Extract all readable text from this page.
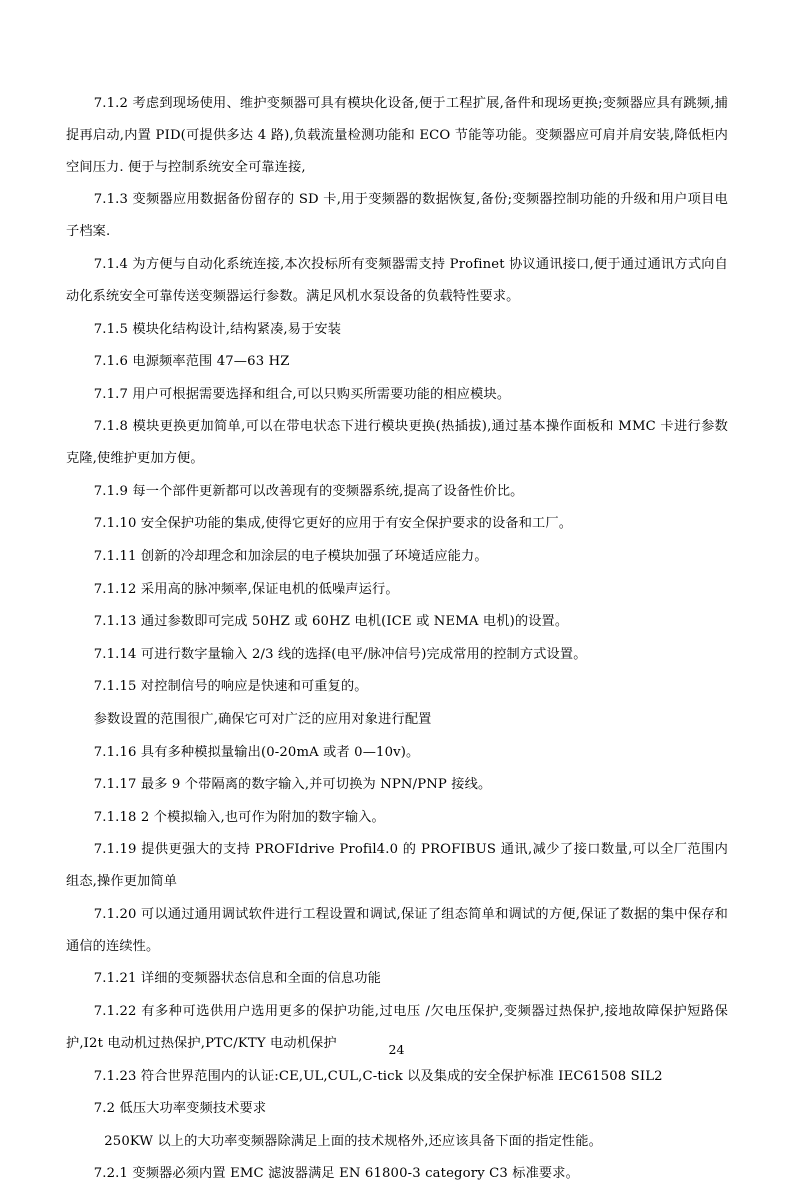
7.1.2 考虑到现场使用、维护变频器可具有模块化设备,便于工程扩展,备件和现场更换;变频器应具有跳频,捕捉再启动,内置 PID(可提供多达 4 路),负载流量检测功能和 ECO 节能等功能。变频器应可肩并肩安装,降低柜内空间压力. 便于与控制系统安全可靠连接,

7.1.3 变频器应用数据备份留存的 SD 卡,用于变频器的数据恢复,备份;变频器控制功能的升级和用户项目电子档案.

7.1.4 为方便与自动化系统连接,本次投标所有变频器需支持 Profinet 协议通讯接口,便于通过通讯方式向自动化系统安全可靠传送变频器运行参数。满足风机水泵设备的负载特性要求。

7.1.5 模块化结构设计,结构紧凑,易于安装

7.1.6 电源频率范围 47—63 HZ

7.1.7 用户可根据需要选择和组合,可以只购买所需要功能的相应模块。

7.1.8 模块更换更加简单,可以在带电状态下进行模块更换(热插拔),通过基本操作面板和 MMC 卡进行参数克隆,使维护更加方便。

7.1.9 每一个部件更新都可以改善现有的变频器系统,提高了设备性价比。

7.1.10 安全保护功能的集成,使得它更好的应用于有安全保护要求的设备和工厂。

7.1.11 创新的冷却理念和加涂层的电子模块加强了环境适应能力。

7.1.12 采用高的脉冲频率,保证电机的低噪声运行。

7.1.13 通过参数即可完成 50HZ 或 60HZ 电机(ICE 或 NEMA 电机)的设置。

7.1.14 可进行数字量输入 2/3 线的选择(电平/脉冲信号)完成常用的控制方式设置。

7.1.15 对控制信号的响应是快速和可重复的。

参数设置的范围很广,确保它可对广泛的应用对象进行配置

7.1.16 具有多种模拟量输出(0-20mA 或者 0—10v)。

7.1.17 最多 9 个带隔离的数字输入,并可切换为 NPN/PNP 接线。

7.1.18 2 个模拟输入,也可作为附加的数字输入。

7.1.19 提供更强大的支持 PROFIdrive Profil4.0 的 PROFIBUS 通讯,减少了接口数量,可以全厂范围内组态,操作更加简单

7.1.20 可以通过通用调试软件进行工程设置和调试,保证了组态简单和调试的方便,保证了数据的集中保存和通信的连续性。

7.1.21 详细的变频器状态信息和全面的信息功能

7.1.22 有多种可选供用户选用更多的保护功能,过电压 /欠电压保护,变频器过热保护,接地故障保护短路保护,I2t 电动机过热保护,PTC/KTY 电动机保护

7.1.23 符合世界范围内的认证:CE,UL,CUL,C-tick 以及集成的安全保护标准 IEC61508 SIL2

7.2 低压大功率变频技术要求

250KW 以上的大功率变频器除满足上面的技术规格外,还应该具备下面的指定性能。

7.2.1 变频器必须内置 EMC 滤波器满足 EN 61800-3 category C3 标准要求。

24
